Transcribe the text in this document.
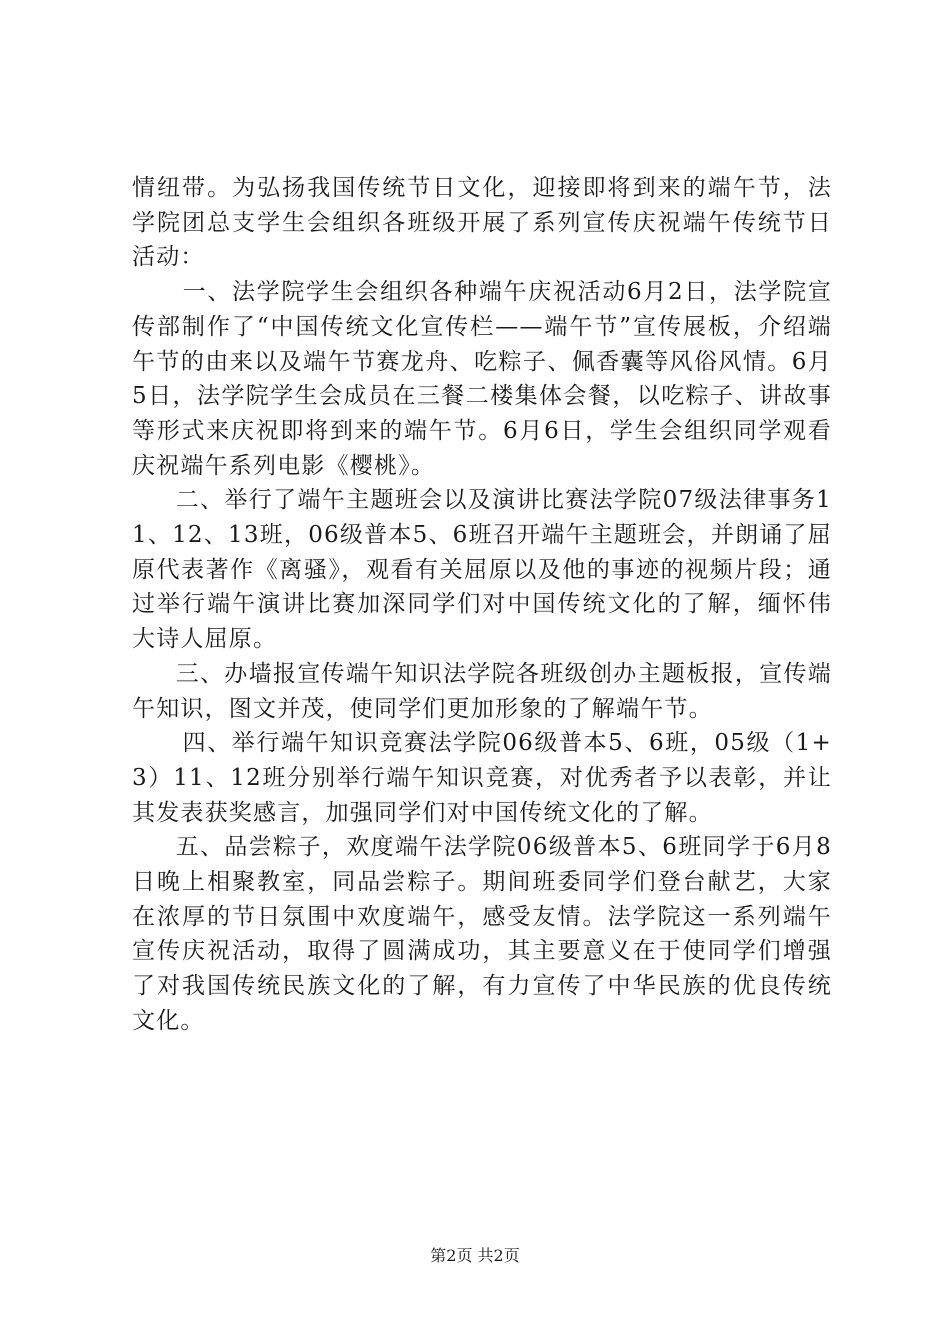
情纽带。为弘扬我国传统节日文化，迎接即将到来的端午节，法学院团总支学生会组织各班级开展了系列宣传庆祝端午传统节日活动：

一、法学院学生会组织各种端午庆祝活动6月2日，法学院宣传部制作了“中国传统文化宣传栏——端午节”宣传展板，介绍端午节的由来以及端午节赛龙舟、吃粽子、佩香囊等风俗风情。6月5日，法学院学生会成员在三餐二楼集体会餐，以吃粽子、讲故事等形式来庆祝即将到来的端午节。6月6日，学生会组织同学观看庆祝端午系列电影《樱桃》。

二、举行了端午主题班会以及演讲比赛法学院07级法律事务11、12、13班，06级普本5、6班召开端午主题班会，并朗诵了屈原代表著作《离骚》，观看有关屈原以及他的事迹的视频片段；通过举行端午演讲比赛加深同学们对中国传统文化的了解，缅怀伟大诗人屈原。

三、办墙报宣传端午知识法学院各班级创办主题板报，宣传端午知识，图文并茂，使同学们更加形象的了解端午节。

四、举行端午知识竞赛法学院06级普本5、6班，05级（1+3）11、12班分别举行端午知识竞赛，对优秀者予以表彰，并让其发表获奖感言，加强同学们对中国传统文化的了解。

五、品尝粽子，欢度端午法学院06级普本5、6班同学于6月8日晚上相聚教室，同品尝粽子。期间班委同学们登台献艺，大家在浓厚的节日氛围中欢度端午，感受友情。法学院这一系列端午宣传庆祝活动，取得了圆满成功，其主要意义在于使同学们增强了对我国传统民族文化的了解，有力宣传了中华民族的优良传统文化。

第2页 共2页
